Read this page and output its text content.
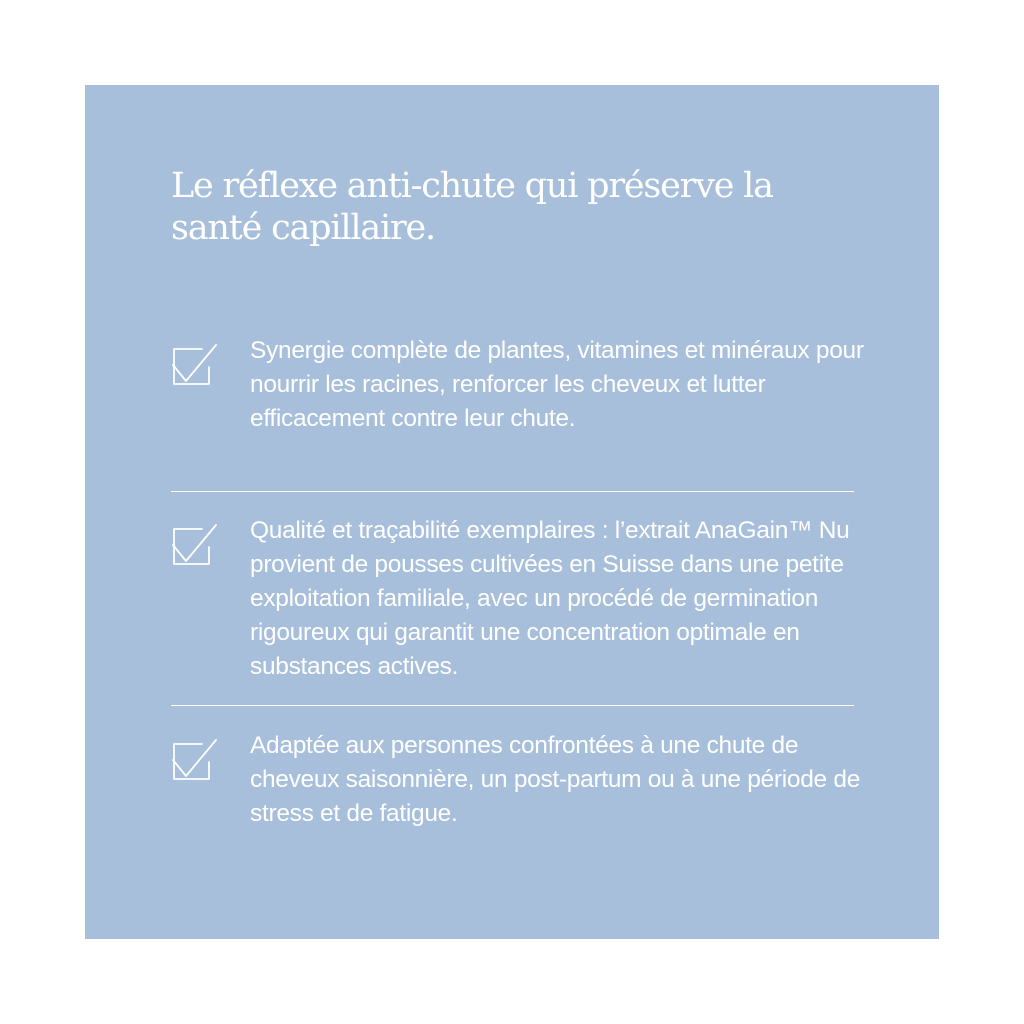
Le réflexe anti-chute qui préserve la santé capillaire.

Synergie complète de plantes, vitamines et minéraux pour nourrir les racines, renforcer les cheveux et lutter efficacement contre leur chute.

Qualité et traçabilité exemplaires : l’extrait AnaGain™ Nu provient de pousses cultivées en Suisse dans une petite exploitation familiale, avec un procédé de germination rigoureux qui garantit une concentration optimale en substances actives.

Adaptée aux personnes confrontées à une chute de cheveux saisonnière, un post-partum ou à une période de stress et de fatigue.
